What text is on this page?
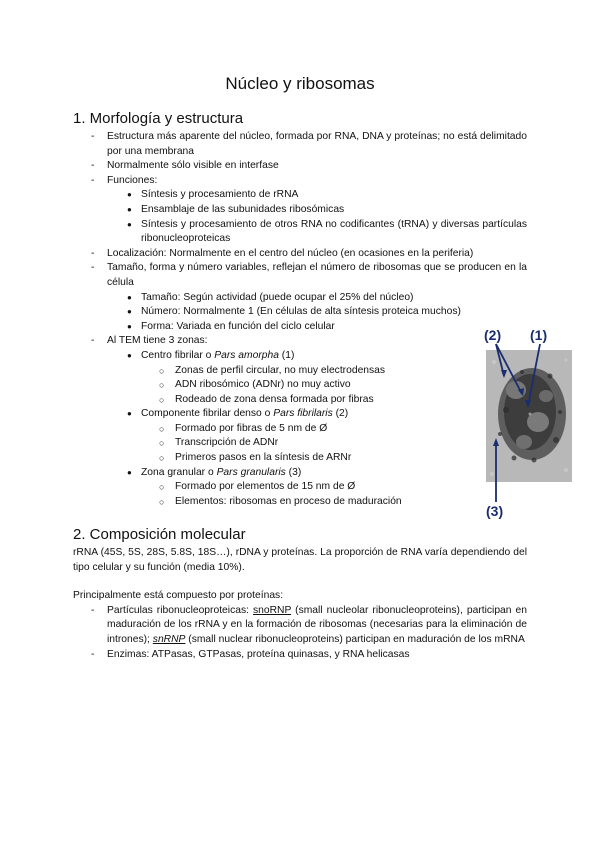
Núcleo y ribosomas
1. Morfología y estructura
- Estructura más aparente del núcleo, formada por RNA, DNA y proteínas; no está delimitado por una membrana
- Normalmente sólo visible en interfase
- Funciones:
● Síntesis y procesamiento de rRNA
● Ensamblaje de las subunidades ribosómicas
● Síntesis y procesamiento de otros RNA no codificantes (tRNA) y diversas partículas ribonucleoproteicas
- Localización: Normalmente en el centro del núcleo (en ocasiones en la periferia)
- Tamaño, forma y número variables, reflejan el número de ribosomas que se producen en la célula
● Tamaño: Según actividad (puede ocupar el 25% del núcleo)
● Número: Normalmente 1 (En células de alta síntesis proteica muchos)
● Forma: Variada en función del ciclo celular
- Al TEM tiene 3 zonas:
● Centro fibrilar o Pars amorpha (1)
○ Zonas de perfil circular, no muy electrodensas
○ ADN ribosómico (ADNr) no muy activo
○ Rodeado de zona densa formada por fibras
● Componente fibrilar denso o Pars fibrilaris (2)
○ Formado por fibras de 5 nm de Ø
○ Transcripción de ADNr
○ Primeros pasos en la síntesis de ARNr
● Zona granular o Pars granularis (3)
○ Formado por elementos de 15 nm de Ø
○ Elementos: ribosomas en proceso de maduración
(2) (1)
(3)
2. Composición molecular

rRNA (45S, 5S, 28S, 5.8S, 18S…), rDNA y proteínas. La proporción de RNA varía dependiendo del tipo celular y su función (media 10%).

Principalmente está compuesto por proteínas:

- Partículas ribonucleoproteicas: snoRNP (small nucleolar ribonucleoproteins), participan en maduración de los rRNA y en la formación de ribosomas (necesarias para la eliminación de intrones); snRNP (small nuclear ribonucleoproteins) participan en maduración de los mRNA
- Enzimas: ATPasas, GTPasas, proteína quinasas, y RNA helicasas
